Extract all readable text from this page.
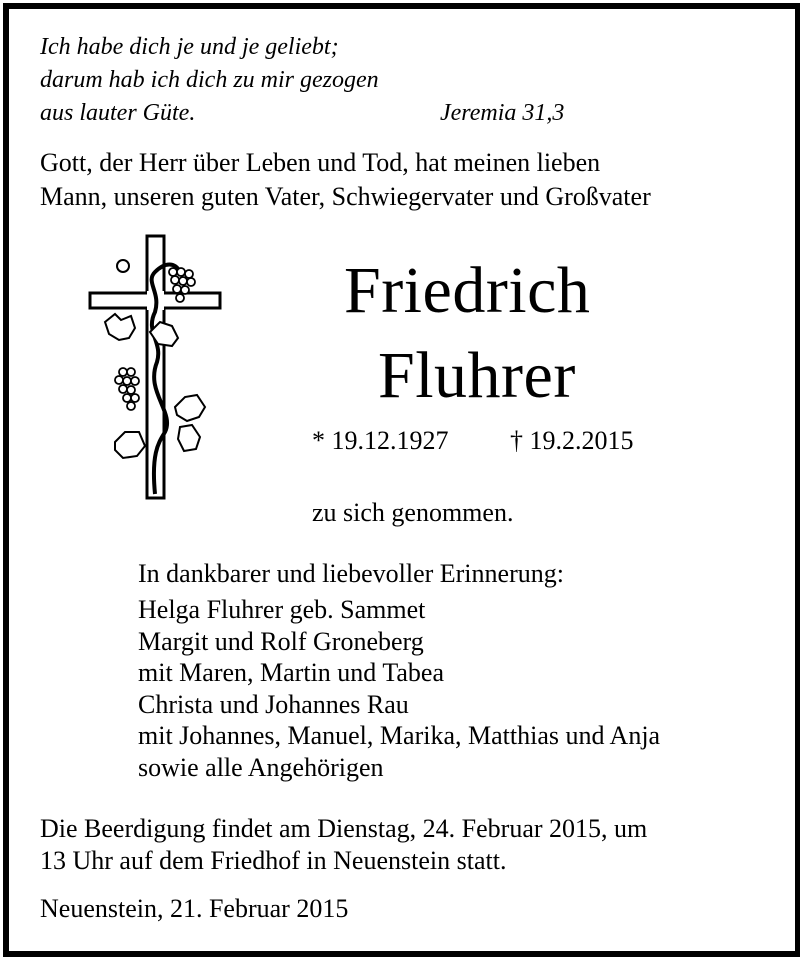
Ich habe dich je und je geliebt;
darum hab ich dich zu mir gezogen
aus lauter Güte.	Jeremia 31,3
Gott, der Herr über Leben und Tod, hat meinen lieben
Mann, unseren guten Vater, Schwiegervater und Großvater
Friedrich
Fluhrer
* 19.12.1927 † 19.2.2015
zu sich genommen.
In dankbarer und liebevoller Erinnerung:
Helga Fluhrer geb. Sammet
Margit und Rolf Groneberg
mit Maren, Martin und Tabea
Christa und Johannes Rau
mit Johannes, Manuel, Marika, Matthias und Anja
sowie alle Angehörigen
Die Beerdigung findet am Dienstag, 24. Februar 2015, um
13 Uhr auf dem Friedhof in Neuenstein statt.
Neuenstein, 21. Februar 2015
